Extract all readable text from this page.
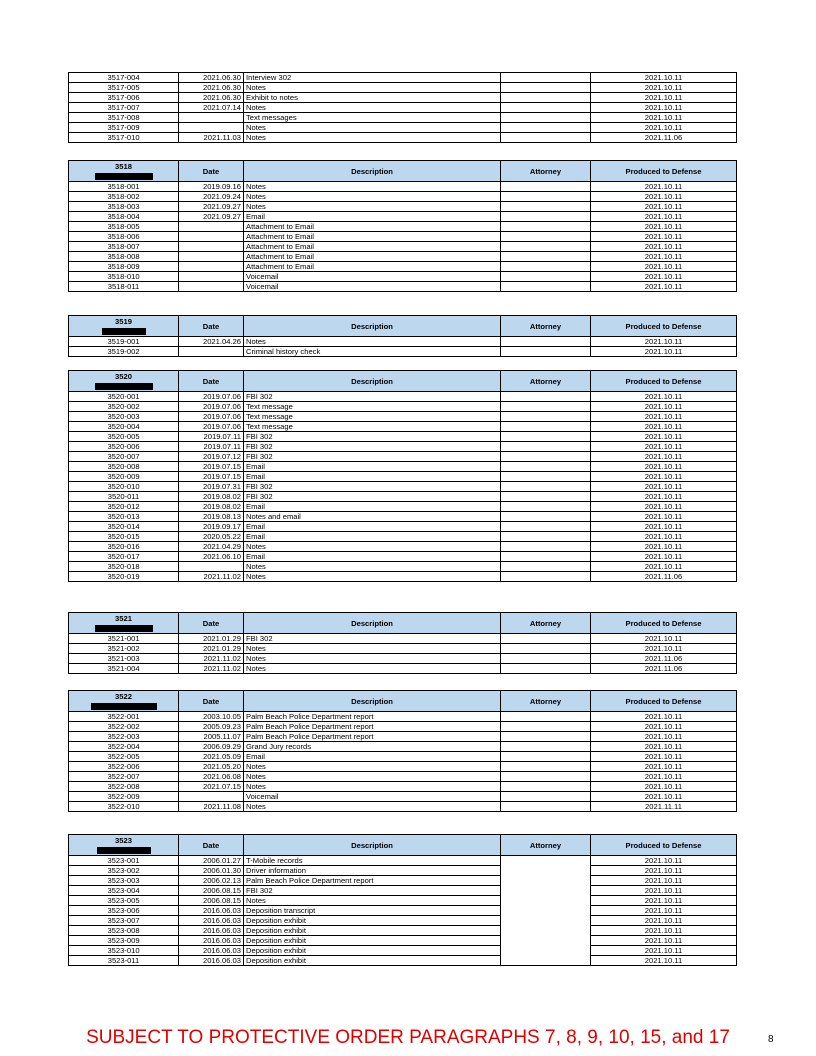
3517-004	2021.06.30	Interview 302		2021.10.11
3517-005	2021.06.30	Notes		2021.10.11
3517-006	2021.06.30	Exhibit to notes		2021.10.11
3517-007	2021.07.14	Notes		2021.10.11
3517-008		Text messages		2021.10.11
3517-009		Notes		2021.10.11
3517-010	2021.11.03	Notes		2021.11.06
3518	Date	Description	Attorney	Produced to Defense
3518-001	2019.09.16	Notes		2021.10.11
3518-002	2021.09.24	Notes		2021.10.11
3518-003	2021.09.27	Notes		2021.10.11
3518-004	2021.09.27	Email		2021.10.11
3518-005		Attachment to Email		2021.10.11
3518-006		Attachment to Email		2021.10.11
3518-007		Attachment to Email		2021.10.11
3518-008		Attachment to Email		2021.10.11
3518-009		Attachment to Email		2021.10.11
3518-010		Voicemail		2021.10.11
3518-011		Voicemail		2021.10.11
3519	Date	Description	Attorney	Produced to Defense
3519-001	2021.04.26	Notes		2021.10.11
3519-002		Criminal history check		2021.10.11
3520	Date	Description	Attorney	Produced to Defense
3520-001	2019.07.06	FBI 302		2021.10.11
3520-002	2019.07.06	Text message		2021.10.11
3520-003	2019.07.06	Text message		2021.10.11
3520-004	2019.07.06	Text message		2021.10.11
3520-005	2019.07.11	FBI 302		2021.10.11
3520-006	2019.07.11	FBI 302		2021.10.11
3520-007	2019.07.12	FBI 302		2021.10.11
3520-008	2019.07.15	Email		2021.10.11
3520-009	2019.07.15	Email		2021.10.11
3520-010	2019.07.31	FBI 302		2021.10.11
3520-011	2019.08.02	FBI 302		2021.10.11
3520-012	2019.08.02	Email		2021.10.11
3520-013	2019.08.13	Notes and email		2021.10.11
3520-014	2019.09.17	Email		2021.10.11
3520-015	2020.05.22	Email		2021.10.11
3520-016	2021.04.29	Notes		2021.10.11
3520-017	2021.06.10	Email		2021.10.11
3520-018		Notes		2021.10.11
3520-019	2021.11.02	Notes		2021.11.06
3521	Date	Description	Attorney	Produced to Defense
3521-001	2021.01.29	FBI 302		2021.10.11
3521-002	2021.01.29	Notes		2021.10.11
3521-003	2021.11.02	Notes		2021.11.06
3521-004	2021.11.02	Notes		2021.11.06
3522	Date	Description	Attorney	Produced to Defense
3522-001	2003.10.05	Palm Beach Police Department report		2021.10.11
3522-002	2005.09.23	Palm Beach Police Department report		2021.10.11
3522-003	2005.11.07	Palm Beach Police Department report		2021.10.11
3522-004	2006.09.29	Grand Jury records		2021.10.11
3522-005	2021.05.09	Email		2021.10.11
3522-006	2021.05.20	Notes		2021.10.11
3522-007	2021.06.08	Notes		2021.10.11
3522-008	2021.07.15	Notes		2021.10.11
3522-009		Voicemail		2021.10.11
3522-010	2021.11.08	Notes		2021.11.11
3523	Date	Description	Attorney	Produced to Defense
3523-001	2006.01.27	T-Mobile records		2021.10.11
3523-002	2006.01.30	Driver information		2021.10.11
3523-003	2006.02.13	Palm Beach Police Department report		2021.10.11
3523-004	2006.08.15	FBI 302		2021.10.11
3523-005	2006.08.15	Notes		2021.10.11
3523-006	2016.06.03	Deposition transcript		2021.10.11
3523-007	2016.06.03	Deposition exhibit		2021.10.11
3523-008	2016.06.03	Deposition exhibit		2021.10.11
3523-009	2016.06.03	Deposition exhibit		2021.10.11
3523-010	2016.06.03	Deposition exhibit		2021.10.11
3523-011	2016.06.03	Deposition exhibit		2021.10.11
SUBJECT TO PROTECTIVE ORDER PARAGRAPHS 7, 8, 9, 10, 15, and 17	8
